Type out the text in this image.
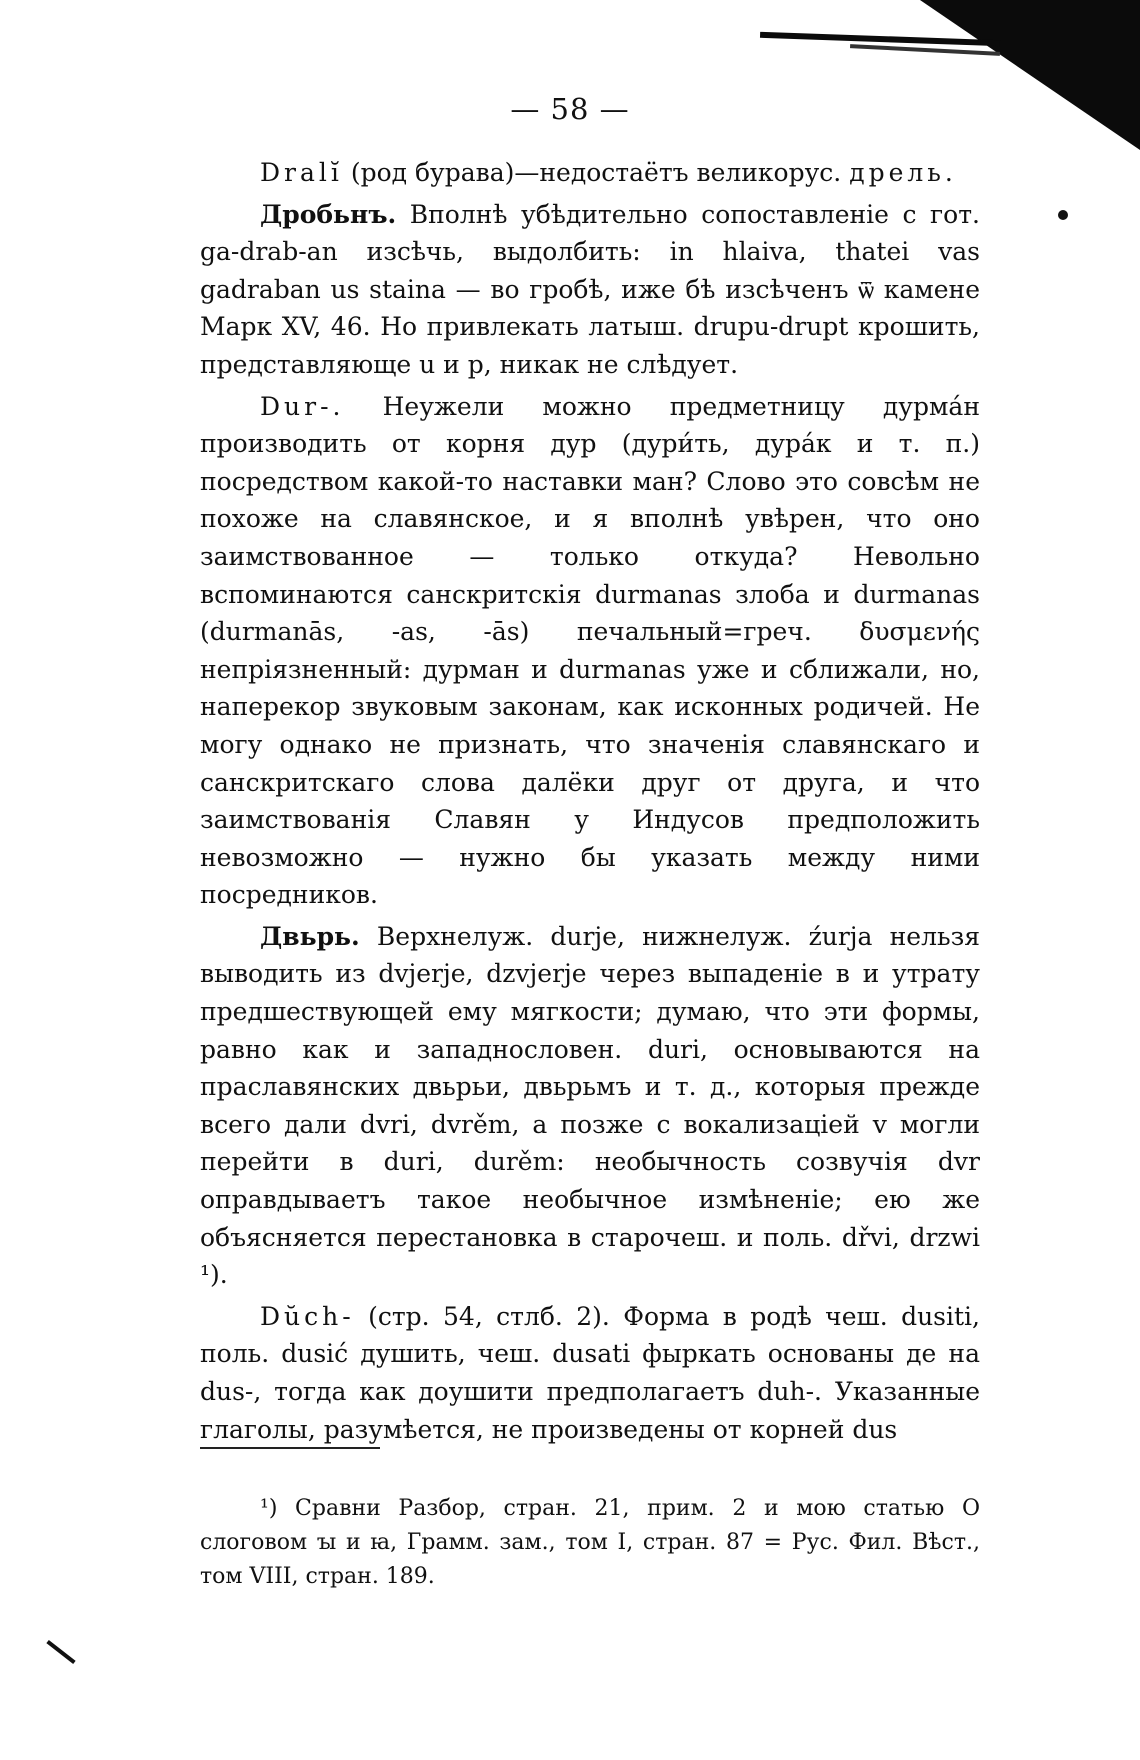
— 58 —

Dralĭ (род бурава)—недостаётъ великорус. дрель.

Дробьнъ. Вполнѣ убѣдительно сопоставленіе с гот. ga-drab-an изсѣчь, выдолбить: in hlaiva, thatei vas gadraban us staina — во гробѣ, иже бѣ изсѣченъ ѿ камене Марк XV, 46. Но привлекать латыш. drupu-drupt крошить, представляюще u и p, никак не слѣдует.

Dur-. Неужели можно предметницу дурма́н производить от корня дур (дури́ть, дура́к и т. п.) посредством какой-то наставки ман? Слово это совсѣм не похоже на славянское, и я вполнѣ увѣрен, что оно заимствованное — только откуда? Невольно вспоминаются санскритскія durmanas злоба и durmanas (durmanās, -as, -ās) печальный=греч. δυσμενής непріязненный: дурман и durmanas уже и сближали, но, наперекор звуковым законам, как исконных родичей. Не могу однако не признать, что значенія славянскаго и санскритскаго слова далёки друг от друга, и что заимствованія Славян у Индусов предположить невозможно — нужно бы указать между ними посредников.

Двьрь. Верхнелуж. durje, нижнелуж. źurja нельзя выводить из dvjerje, dzvjerje через выпаденіе в и утрату предшествующей ему мягкости; думаю, что эти формы, равно как и западнословен. duri, основываются на праславянских двьрьи, двьрьмъ и т. д., которыя прежде всего дали dvri, dvrěm, а позже с вокализацiей v могли перейти в duri, durěm: необычность созвучія dvr оправдываетъ такое необычное измѣненіе; ею же объясняется перестановка в старочеш. и поль. dřvi, drzwi ¹).

Dŭch- (стр. 54, стлб. 2). Форма в родѣ чеш. dusiti, поль. dusić душить, чеш. dusati фыркать основаны де на dus-, тогда как доушити предполагаетъ duh-. Указанные глаголы, разумѣется, не произведены от корней dus

¹) Сравни Разбор, стран. 21, прим. 2 и мою статью О слоговом ꙑ и ꙗ, Грамм. зам., том I, стран. 87 = Рус. Фил. Вѣст., том VIII, стран. 189.
